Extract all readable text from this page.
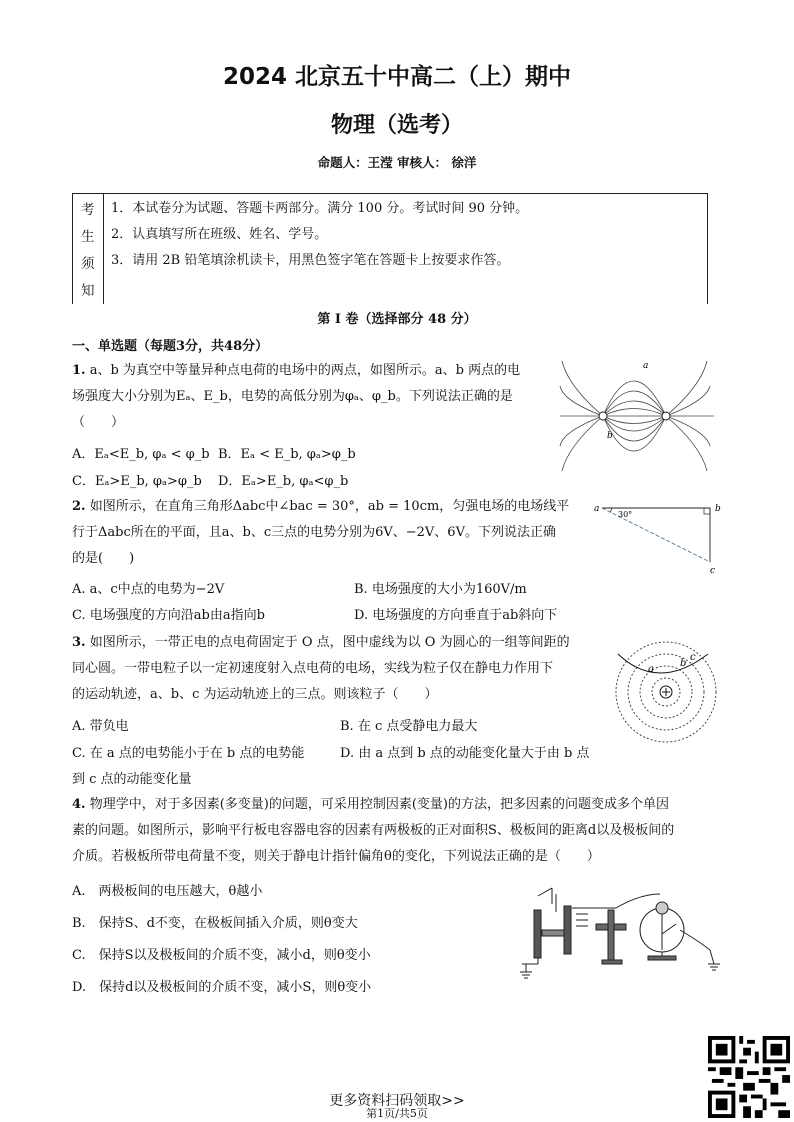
2024 北京五十中高二（上）期中
物理（选考）
命题人：王滢 审核人： 徐洋
考
生
须
知
1．本试卷分为试题、答题卡两部分。满分 100 分。考试时间 90 分钟。
2．认真填写所在班级、姓名、学号。
3．请用 2B 铅笔填涂机读卡，用黑色签字笔在答题卡上按要求作答。
第 I 卷（选择部分 48 分）
一、单选题（每题3分，共48分）
1. a、b 为真空中等量异种点电荷的电场中的两点，如图所示。a、b 两点的电
场强度大小分别为Eₐ、E_b，电势的高低分别为φₐ、φ_b。下列说法正确的是
（　　）
A．Eₐ<E_b, φₐ < φ_b B．Eₐ < E_b, φₐ>φ_b
C．Eₐ>E_b, φₐ>φ_b D．Eₐ>E_b, φₐ<φ_b
a
b
2. 如图所示，在直角三角形Δabc中∠bac = 30°，ab = 10cm，匀强电场的电场线平
行于Δabc所在的平面，且a、b、c三点的电势分别为6V、−2V、6V。下列说法正确
的是(　　)
A. a、c中点的电势为−2V	B. 电场强度的大小为160V/m
C. 电场强度的方向沿ab由a指向b	D. 电场强度的方向垂直于ab斜向下
a	b
c
30°
3. 如图所示，一带正电的点电荷固定于 O 点，图中虚线为以 O 为圆心的一组等间距的
同心圆。一带电粒子以一定初速度射入点电荷的电场，实线为粒子仅在静电力作用下
的运动轨迹，a、b、c 为运动轨迹上的三点。则该粒子（　　）
A. 带负电	B. 在 c 点受静电力最大
C. 在 a 点的电势能小于在 b 点的电势能	D. 由 a 点到 b 点的动能变化量大于由 b 点
到 c 点的动能变化量
a
b
c
4. 物理学中，对于多因素(多变量)的问题，可采用控制因素(变量)的方法，把多因素的问题变成多个单因
素的问题。如图所示，影响平行板电容器电容的因素有两极板的正对面积S、极板间的距离d以及极板间的
介质。若极板所带电荷量不变，则关于静电计指针偏角θ的变化，下列说法正确的是（　　）
A.　两极板间的电压越大，θ越小
B.　保持S、d不变，在极板间插入介质，则θ变大
C.　保持S以及极板间的介质不变，减小d，则θ变小
D.　保持d以及极板间的介质不变，减小S，则θ变小
更多资料扫码领取>>
第1页/共5页
